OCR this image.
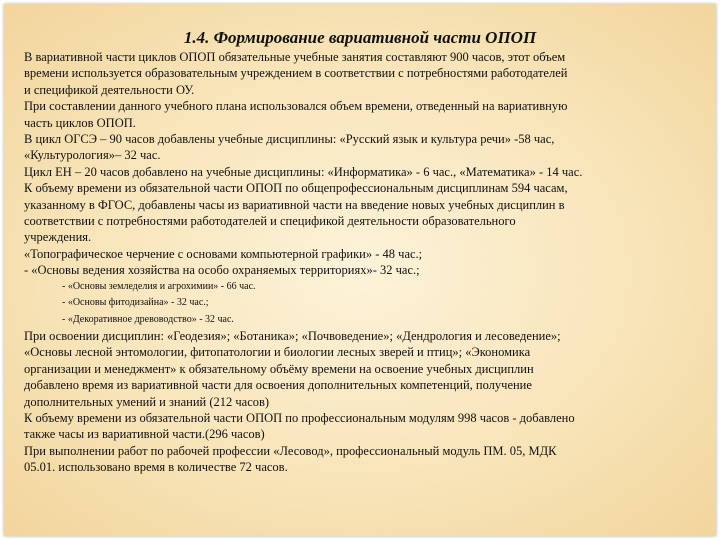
1.4. Формирование вариативной части ОПОП

В вариативной части циклов ОПОП обязательные учебные занятия составляют 900 часов, этот объем

времени используется образовательным учреждением в соответствии с потребностями работодателей

и спецификой деятельности ОУ.

При составлении данного учебного плана использовался объем времени, отведенный на вариативную

часть циклов ОПОП.

В цикл ОГСЭ – 90 часов добавлены учебные дисциплины: «Русский язык и культура речи» -58 час,

«Культурология»– 32 час.

Цикл ЕН – 20 часов добавлено на учебные дисциплины: «Информатика» - 6 час., «Математика» - 14 час.

К объему времени из обязательной части ОПОП по общепрофессиональным дисциплинам 594 часам,

указанному в ФГОС, добавлены часы из вариативной части на введение новых учебных дисциплин в

соответствии с потребностями работодателей и спецификой деятельности образовательного

учреждения.

«Топографическое черчение с основами компьютерной графики» - 48 час.;

- «Основы ведения хозяйства на особо охраняемых территориях»- 32 час.;

- «Основы земледелия и агрохимии» - 66 час.

- «Основы фитодизайна» - 32 час.;

- «Декоративное древоводство» - 32 час.

При освоении дисциплин: «Геодезия»; «Ботаника»; «Почвоведение»; «Дендрология и лесоведение»;

«Основы лесной энтомологии, фитопатологии и биологии лесных зверей и птиц»; «Экономика

организации и менеджмент» к обязательному объёму времени на освоение учебных дисциплин

добавлено время из вариативной части для освоения дополнительных компетенций, получение

дополнительных умений и знаний (212 часов)

К объему времени из обязательной части ОПОП по профессиональным модулям 998 часов - добавлено

также часы из вариативной части.(296 часов)

При выполнении работ по рабочей профессии «Лесовод», профессиональный модуль ПМ. 05, МДК

05.01. использовано время в количестве 72 часов.
